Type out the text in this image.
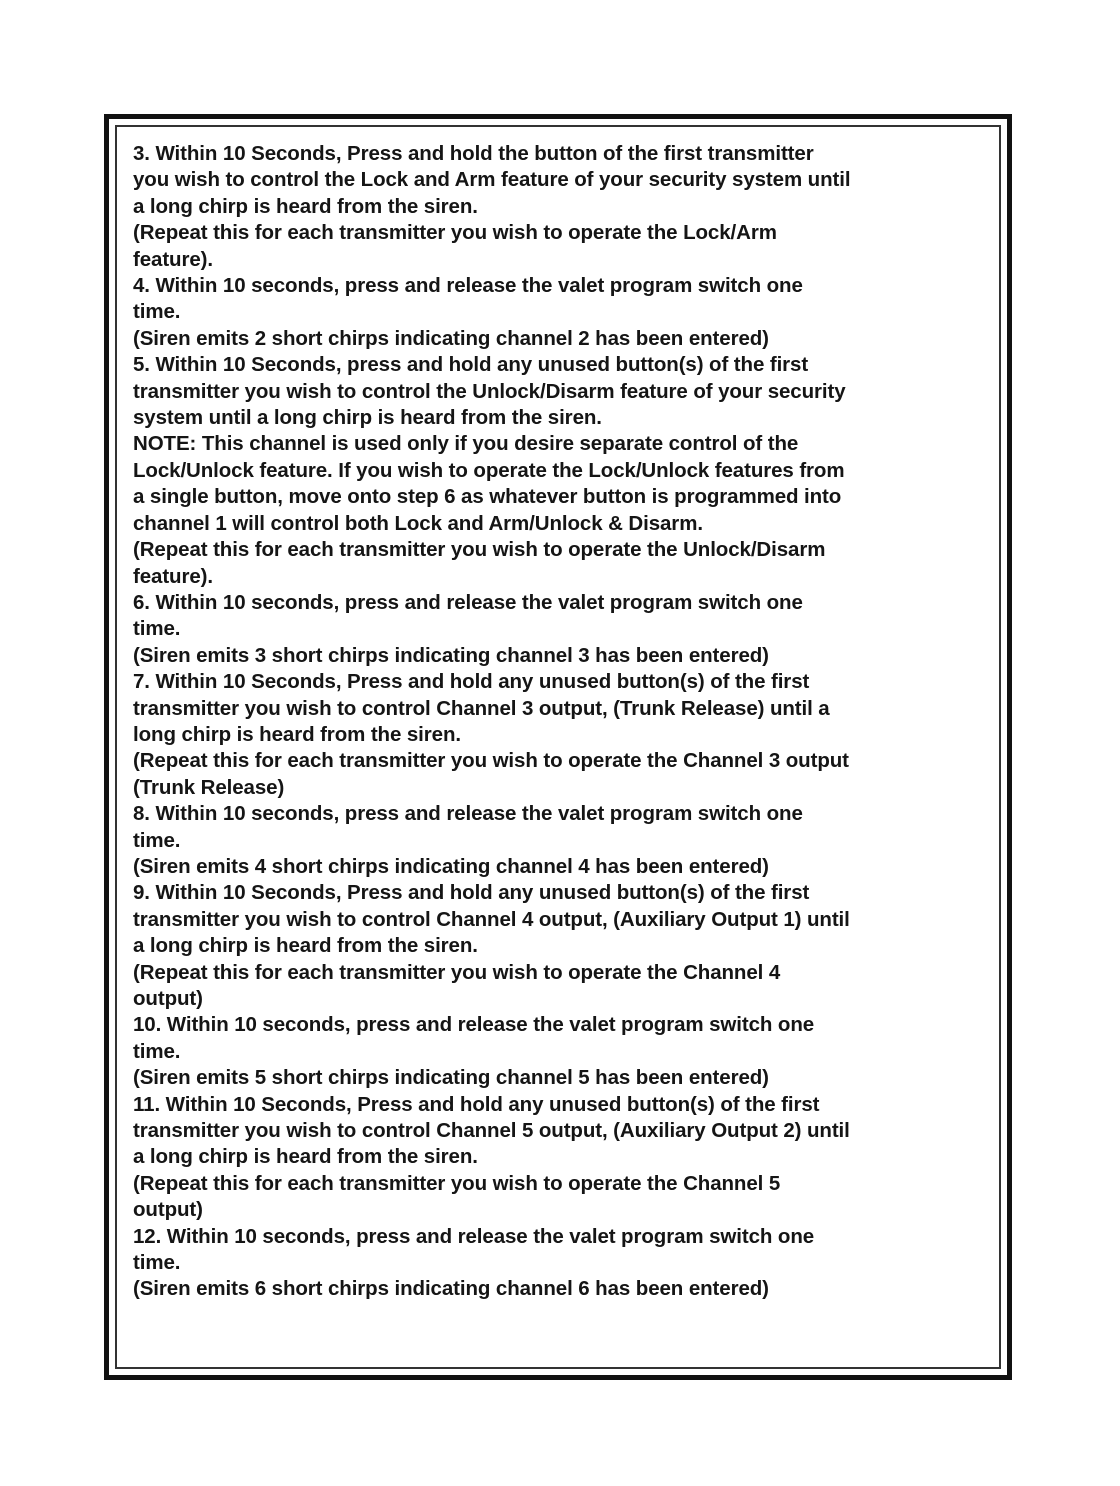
3. Within 10 Seconds, Press and hold the button of the first transmitter
you wish to control the Lock and Arm feature of your security system until
a long chirp is heard from the siren.
(Repeat this for each transmitter you wish to operate the Lock/Arm
feature).
4. Within 10 seconds, press and release the valet program switch one
time.
(Siren emits 2 short chirps indicating channel 2 has been entered)
5. Within 10 Seconds, press and hold any unused button(s) of the first
transmitter you wish to control the Unlock/Disarm feature of your security
system until a long chirp is heard from the siren.
NOTE: This channel is used only if you desire separate control of the
Lock/Unlock feature. If you wish to operate the Lock/Unlock features from
a single button, move onto step 6 as whatever button is programmed into
channel 1 will control both Lock and Arm/Unlock & Disarm.
(Repeat this for each transmitter you wish to operate the Unlock/Disarm
feature).
6. Within 10 seconds, press and release the valet program switch one
time.
(Siren emits 3 short chirps indicating channel 3 has been entered)
7. Within 10 Seconds, Press and hold any unused button(s) of the first
transmitter you wish to control Channel 3 output, (Trunk Release) until a
long chirp is heard from the siren.
(Repeat this for each transmitter you wish to operate the Channel 3 output
(Trunk Release)
8. Within 10 seconds, press and release the valet program switch one
time.
(Siren emits 4 short chirps indicating channel 4 has been entered)
9. Within 10 Seconds, Press and hold any unused button(s) of the first
transmitter you wish to control Channel 4 output, (Auxiliary Output 1) until
a long chirp is heard from the siren.
(Repeat this for each transmitter you wish to operate the Channel 4
output)
10. Within 10 seconds, press and release the valet program switch one
time.
(Siren emits 5 short chirps indicating channel 5 has been entered)
11. Within 10 Seconds, Press and hold any unused button(s) of the first
transmitter you wish to control Channel 5 output, (Auxiliary Output 2) until
a long chirp is heard from the siren.
(Repeat this for each transmitter you wish to operate the Channel 5
output)
12. Within 10 seconds, press and release the valet program switch one
time.
(Siren emits 6 short chirps indicating channel 6 has been entered)
